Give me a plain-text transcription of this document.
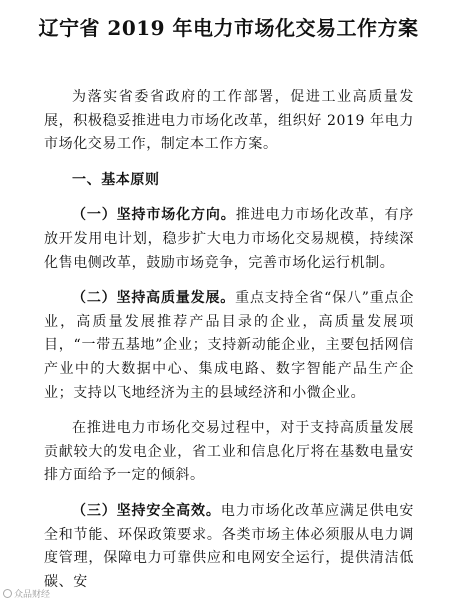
辽宁省 2019 年电力市场化交易工作方案

为落实省委省政府的工作部署，促进工业高质量发展，积极稳妥推进电力市场化改革，组织好 2019 年电力市场化交易工作，制定本工作方案。

一、基本原则

（一）坚持市场化方向。推进电力市场化改革，有序放开发用电计划，稳步扩大电力市场化交易规模，持续深化售电侧改革，鼓励市场竞争，完善市场化运行机制。

（二）坚持高质量发展。重点支持全省“保八”重点企业，高质量发展推荐产品目录的企业，高质量发展项目，“一带五基地”企业；支持新动能企业，主要包括网信产业中的大数据中心、集成电路、数字智能产品生产企业；支持以飞地经济为主的县域经济和小微企业。

在推进电力市场化交易过程中，对于支持高质量发展贡献较大的发电企业，省工业和信息化厅将在基数电量安排方面给予一定的倾斜。

（三）坚持安全高效。电力市场化改革应满足供电安全和节能、环保政策要求。各类市场主体必须服从电力调度管理，保障电力可靠供应和电网安全运行，提供清洁低碳、安

众品财经
